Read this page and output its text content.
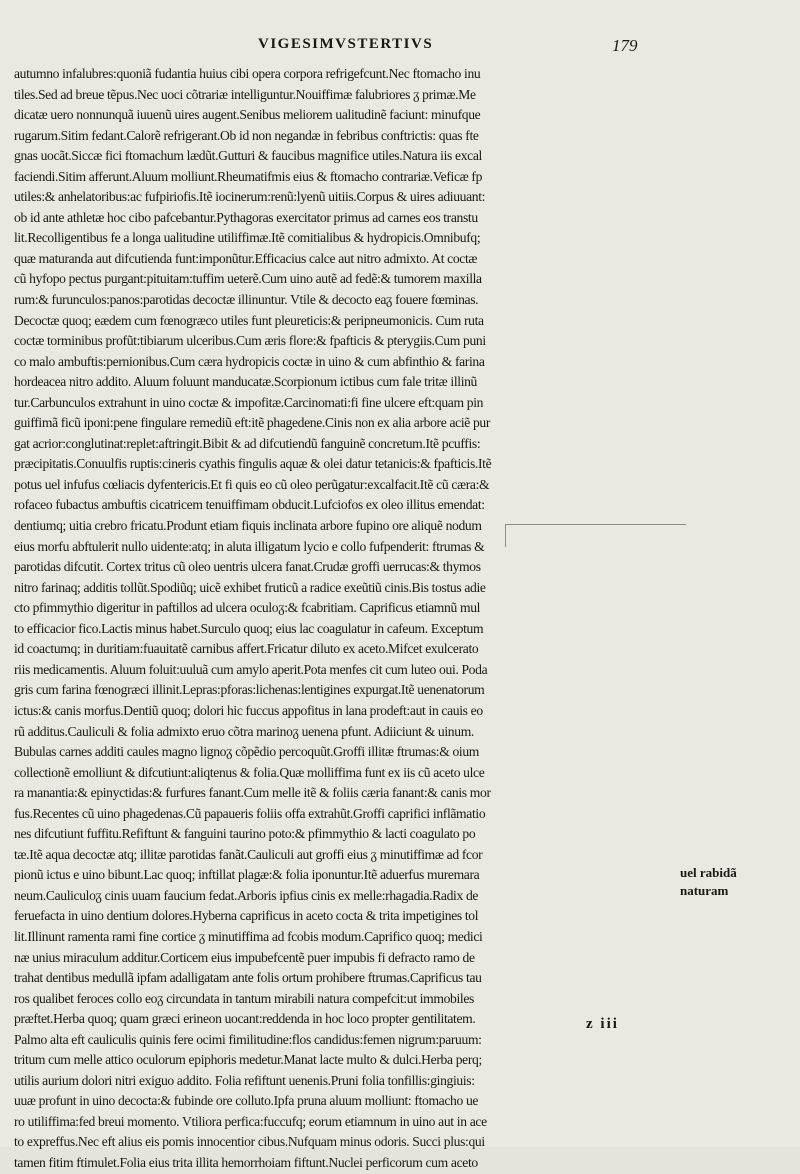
VIGESIMVSTERTIVS	179
autumno infalubres:quoniã fudantia huius cibi opera corpora refrigefcunt.Nec ftomacho inu
tiles.Sed ad breue tẽpus.Nec uoci cõtrariæ intelliguntur.Nouiffimæ falubriores ᵹ primæ.Me
dicatæ uero nonnunquã iuuenũ uires augent.Senibus meliorem ualitudinẽ faciunt: minufque
rugarum.Sitim fedant.Calorẽ refrigerant.Ob id non negandæ in febribus conftrictis: quas fte
gnas uocãt.Siccæ fici ftomachum lædũt.Gutturi & faucibus magnifice utiles.Natura iis excal
faciendi.Sitim afferunt.Aluum molliunt.Rheumatifmis eius & ftomacho contrariæ.Veficæ fp
utiles:& anhelatoribus:ac fufpiriofis.Itẽ iocinerum:renũ:lyenũ uitiis.Corpus & uires adiuuant:
ob id ante athletæ hoc cibo pafcebantur.Pythagoras exercitator primus ad carnes eos transtu
lit.Recolligentibus fe a longa ualitudine utiliffimæ.Itẽ comitialibus & hydropicis.Omnibufq;
quæ maturanda aut difcutienda funt:imponũtur.Efficacius calce aut nitro admixto. At coctæ
cũ hyfopo pectus purgant:pituitam:tuffim ueterẽ.Cum uino autẽ ad fedẽ:& tumorem maxilla
rum:& furunculos:panos:parotidas decoctæ illinuntur. Vtile & decocto eaᵹ fouere fœminas.
Decoctæ quoq; eædem cum fœnogræco utiles funt pleureticis:& peripneumonicis. Cum ruta
coctæ torminibus profũt:tibiarum ulceribus.Cum æris flore:& fpafticis & pterygiis.Cum puni
co malo ambuftis:pernionibus.Cum cæra hydropicis coctæ in uino & cum abfinthio & farina
hordeacea nitro addito. Aluum foluunt manducatæ.Scorpionum ictibus cum fale tritæ illinũ
tur.Carbunculos extrahunt in uino coctæ & impofitæ.Carcinomati:fi fine ulcere eft:quam pin
guiffimã ficũ iponi:pene fingulare remediũ eft:itẽ phagedene.Cinis non ex alia arbore aciẽ pur
gat acrior:conglutinat:replet:aftringit.Bibit & ad difcutiendũ fanguinẽ concretum.Itẽ pcuffis:
præcipitatis.Conuulfis ruptis:cineris cyathis fingulis aquæ & olei datur tetanicis:& fpafticis.Itẽ
potus uel infufus cœliacis dyfentericis.Et fi quis eo cũ oleo perũgatur:excalfacit.Itẽ cũ cæra:&
rofaceo fubactus ambuftis cicatricem tenuiffimam obducit.Lufciofos ex oleo illitus emendat:
dentiumq; uitia crebro fricatu.Produnt etiam fiquis inclinata arbore fupino ore aliquẽ nodum
eius morfu abftulerit nullo uidente:atq; in aluta illigatum lycio e collo fufpenderit: ftrumas &
parotidas difcutit. Cortex tritus cũ oleo uentris ulcera fanat.Crudæ groffi uerrucas:& thymos
nitro farinaq; additis tollũt.Spodiũq; uicẽ exhibet fruticũ a radice exeũtiũ cinis.Bis tostus adie
cto pfimmythio digeritur in paftillos ad ulcera oculoᵹ:& fcabritiam. Caprificus etiamnũ mul
to efficacior fico.Lactis minus habet.Surculo quoq; eius lac coagulatur in cafeum. Exceptum
id coactumq; in duritiam:fuauitatẽ carnibus affert.Fricatur diluto ex aceto.Mifcet exulcerato
riis medicamentis. Aluum foluit:uuluã cum amylo aperit.Pota menfes cit cum luteo oui. Poda
gris cum farina fœnogræci illinit.Lepras:pforas:lichenas:lentigines expurgat.Itẽ uenenatorum
ictus:& canis morfus.Dentiũ quoq; dolori hic fuccus appofitus in lana prodeft:aut in cauis eo
rũ additus.Cauliculi & folia admixto eruo cõtra marinoᵹ uenena pfunt. Adiiciunt & uinum.
Bubulas carnes additi caules magno lignoᵹ cõpẽdio percoquũt.Groffi illitæ ftrumas:& oium
collectionẽ emolliunt & difcutiunt:aliqtenus & folia.Quæ molliffima funt ex iis cũ aceto ulce
ra manantia:& epinyctidas:& furfures fanant.Cum melle itẽ & foliis cæria fanant:& canis mor
fus.Recentes cũ uino phagedenas.Cũ papaueris foliis offa extrahũt.Groffi caprifici inflãmatio
nes difcutiunt fuffitu.Refiftunt & fanguini taurino poto:& pfimmythio & lacti coagulato po
tæ.Itẽ aqua decoctæ atq; illitæ parotidas fanãt.Cauliculi aut groffi eius ᵹ minutiffimæ ad fcor
pionũ ictus e uino bibunt.Lac quoq; inftillat plagæ:& folia iponuntur.Itẽ aduerfus muremara
neum.Cauliculoᵹ cinis uuam faucium fedat.Arboris ipfius cinis ex melle:rhagadia.Radix de
feruefacta in uino dentium dolores.Hyberna caprificus in aceto cocta & trita impetigines tol
lit.Illinunt ramenta rami fine cortice ᵹ minutiffima ad fcobis modum.Caprifico quoq; medici
næ unius miraculum additur.Corticem eius impubefcentẽ puer impubis fi defracto ramo de
trahat dentibus medullã ipfam adalligatam ante folis ortum prohibere ftrumas.Caprificus tau
ros qualibet feroces collo eoᵹ circundata in tantum mirabili natura compefcit:ut immobiles
præftet.Herba quoq; quam græci erineon uocant:reddenda in hoc loco propter gentilitatem.
Palmo alta eft cauliculis quinis fere ocimi fimilitudine:flos candidus:femen nigrum:paruum:
tritum cum melle attico oculorum epiphoris medetur.Manat lacte multo & dulci.Herba perq;
utilis aurium dolori nitri exiguo addito. Folia refiftunt uenenis.Pruni folia tonfillis:gingiuis:
uuæ profunt in uino decocta:& fubinde ore colluto.Ipfa pruna aluum molliunt: ftomacho ue
ro utiliffima:fed breui momento. Vtiliora perfica:fuccufq; eorum etiamnum in uino aut in ace
to expreffus.Nec eft alius eis pomis innocentior cibus.Nufquam minus odoris. Succi plus:qui
tamen fitim ftimulet.Folia eius trita illita hemorrhoiam fiftunt.Nuclei perficorum cum aceto
uel rabidã
naturam
z iii
